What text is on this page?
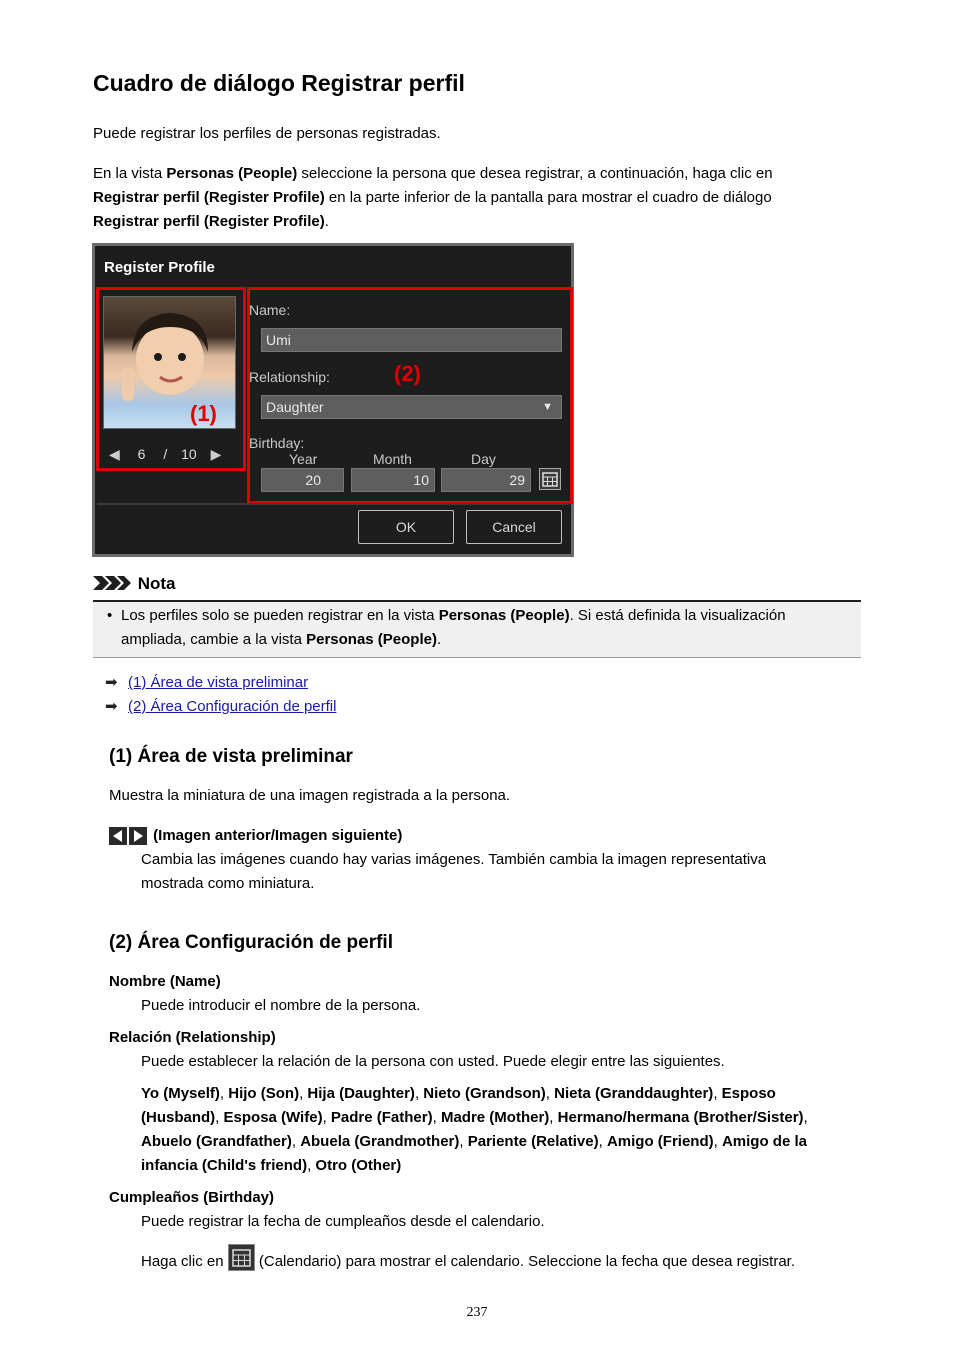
Cuadro de diálogo Registrar perfil
Puede registrar los perfiles de personas registradas.
En la vista Personas (People) seleccione la persona que desea registrar, a continuación, haga clic en
Registrar perfil (Register Profile) en la parte inferior de la pantalla para mostrar el cuadro de diálogo
Registrar perfil (Register Profile).
Register Profile
(1)
◀ 6 / 10 ▶
Name:
Umi
(2)
Relationship:
Daughter	▼
Birthday:
Year	Month	Day
20	10	29
OK	Cancel
Nota
• Los perfiles solo se pueden registrar en la vista Personas (People). Si está definida la visualización
ampliada, cambie a la vista Personas (People).
➡ (1) Área de vista preliminar
➡ (2) Área Configuración de perfil
(1) Área de vista preliminar
Muestra la miniatura de una imagen registrada a la persona.
(Imagen anterior/Imagen siguiente)
Cambia las imágenes cuando hay varias imágenes. También cambia la imagen representativa
mostrada como miniatura.
(2) Área Configuración de perfil
Nombre (Name)
Puede introducir el nombre de la persona.
Relación (Relationship)
Puede establecer la relación de la persona con usted. Puede elegir entre las siguientes.
Yo (Myself), Hijo (Son), Hija (Daughter), Nieto (Grandson), Nieta (Granddaughter), Esposo (Husband), Esposa (Wife), Padre (Father), Madre (Mother), Hermano/hermana (Brother/Sister), Abuelo (Grandfather), Abuela (Grandmother), Pariente (Relative), Amigo (Friend), Amigo de la infancia (Child's friend), Otro (Other)
Cumpleaños (Birthday)
Puede registrar la fecha de cumpleaños desde el calendario.
Haga clic en  (Calendario) para mostrar el calendario. Seleccione la fecha que desea registrar.
237
